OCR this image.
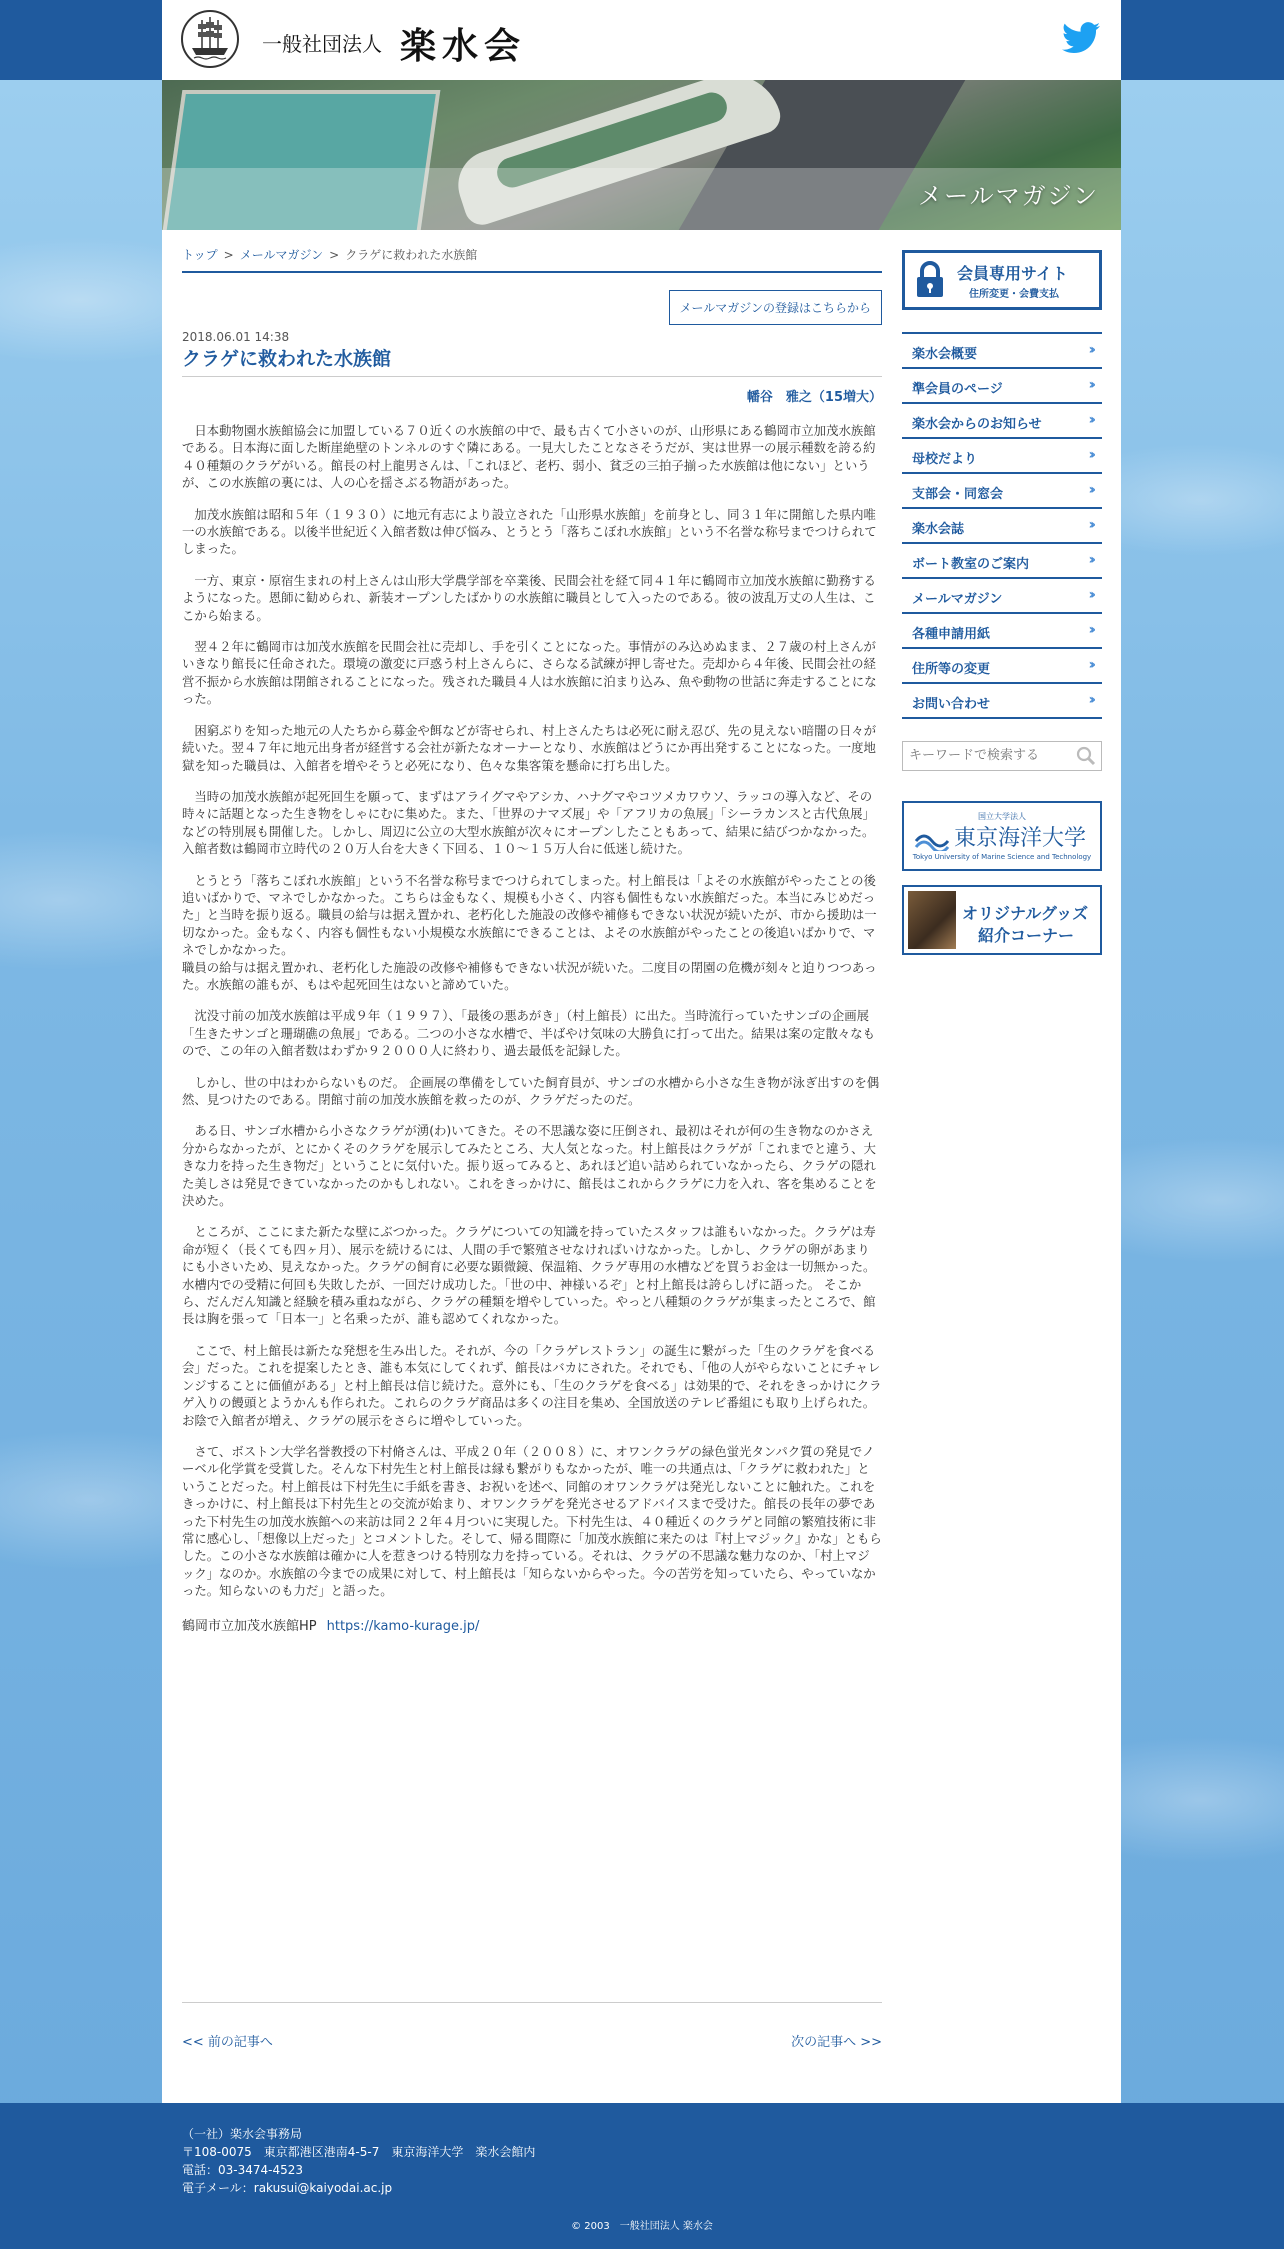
一般社団法人 楽水会
メールマガジン
トップ > メールマガジン > クラゲに救われた水族館
メールマガジンの登録はこちらから
2018.06.01 14:38
クラゲに救われた水族館
幡谷　雅之（15増大）

日本動物園水族館協会に加盟している７０近くの水族館の中で、最も古くて小さいのが、山形県にある鶴岡市立加茂水族館である。日本海に面した断崖絶壁のトンネルのすぐ隣にある。一見大したことなさそうだが、実は世界一の展示種数を誇る約４０種類のクラゲがいる。館長の村上龍男さんは、「これほど、老朽、弱小、貧乏の三拍子揃った水族館は他にない」というが、この水族館の裏には、人の心を揺さぶる物語があった。

加茂水族館は昭和５年（１９３０）に地元有志により設立された「山形県水族館」を前身とし、同３１年に開館した県内唯一の水族館である。以後半世紀近く入館者数は伸び悩み、とうとう「落ちこぼれ水族館」という不名誉な称号までつけられてしまった。

一方、東京・原宿生まれの村上さんは山形大学農学部を卒業後、民間会社を経て同４１年に鶴岡市立加茂水族館に勤務するようになった。恩師に勧められ、新装オープンしたばかりの水族館に職員として入ったのである。彼の波乱万丈の人生は、ここから始まる。

翌４２年に鶴岡市は加茂水族館を民間会社に売却し、手を引くことになった。事情がのみ込めぬまま、２７歳の村上さんがいきなり館長に任命された。環境の激変に戸惑う村上さんらに、さらなる試練が押し寄せた。売却から４年後、民間会社の経営不振から水族館は閉館されることになった。残された職員４人は水族館に泊まり込み、魚や動物の世話に奔走することになった。

困窮ぶりを知った地元の人たちから募金や餌などが寄せられ、村上さんたちは必死に耐え忍び、先の見えない暗闇の日々が続いた。翌４７年に地元出身者が経営する会社が新たなオーナーとなり、水族館はどうにか再出発することになった。一度地獄を知った職員は、入館者を増やそうと必死になり、色々な集客策を懸命に打ち出した。

当時の加茂水族館が起死回生を願って、まずはアライグマやアシカ、ハナグマやコツメカワウソ、ラッコの導入など、その時々に話題となった生き物をしゃにむに集めた。また、「世界のナマズ展」や「アフリカの魚展」「シーラカンスと古代魚展」などの特別展も開催した。しかし、周辺に公立の大型水族館が次々にオープンしたこともあって、結果に結びつかなかった。入館者数は鶴岡市立時代の２０万人台を大きく下回る、１０～１５万人台に低迷し続けた。

とうとう「落ちこぼれ水族館」という不名誉な称号までつけられてしまった。村上館長は「よその水族館がやったことの後追いばかりで、マネでしかなかった。こちらは金もなく、規模も小さく、内容も個性もない水族館だった。本当にみじめだった」と当時を振り返る。職員の給与は据え置かれ、老朽化した施設の改修や補修もできない状況が続いたが、市から援助は一切なかった。金もなく、内容も個性もない小規模な水族館にできることは、よその水族館がやったことの後追いばかりで、マネでしかなかった。
職員の給与は据え置かれ、老朽化した施設の改修や補修もできない状況が続いた。二度目の閉園の危機が刻々と迫りつつあった。水族館の誰もが、もはや起死回生はないと諦めていた。

沈没寸前の加茂水族館は平成９年（１９９７）、「最後の悪あがき」（村上館長）に出た。当時流行っていたサンゴの企画展「生きたサンゴと珊瑚礁の魚展」である。二つの小さな水槽で、半ばやけ気味の大勝負に打って出た。結果は案の定散々なもので、この年の入館者数はわずか９２０００人に終わり、過去最低を記録した。

しかし、世の中はわからないものだ。 企画展の準備をしていた飼育員が、サンゴの水槽から小さな生き物が泳ぎ出すのを偶然、見つけたのである。閉館寸前の加茂水族館を救ったのが、クラゲだったのだ。

ある日、サンゴ水槽から小さなクラゲが湧(わ)いてきた。その不思議な姿に圧倒され、最初はそれが何の生き物なのかさえ分からなかったが、とにかくそのクラゲを展示してみたところ、大人気となった。村上館長はクラゲが「これまでと違う、大きな力を持った生き物だ」ということに気付いた。振り返ってみると、あれほど追い詰められていなかったら、クラゲの隠れた美しさは発見できていなかったのかもしれない。これをきっかけに、館長はこれからクラゲに力を入れ、客を集めることを決めた。

ところが、ここにまた新たな壁にぶつかった。クラゲについての知識を持っていたスタッフは誰もいなかった。クラゲは寿命が短く（長くても四ヶ月）、展示を続けるには、人間の手で繁殖させなければいけなかった。しかし、クラゲの卵があまりにも小さいため、見えなかった。クラゲの飼育に必要な顕微鏡、保温箱、クラゲ専用の水槽などを買うお金は一切無かった。
水槽内での受精に何回も失敗したが、一回だけ成功した。「世の中、神様いるぞ」と村上館長は誇らしげに語った。 そこから、だんだん知識と経験を積み重ねながら、クラゲの種類を増やしていった。やっと八種類のクラゲが集まったところで、館長は胸を張って「日本一」と名乗ったが、誰も認めてくれなかった。

ここで、村上館長は新たな発想を生み出した。それが、今の「クラゲレストラン」の誕生に繋がった「生のクラゲを食べる会」だった。これを提案したとき、誰も本気にしてくれず、館長はバカにされた。それでも、「他の人がやらないことにチャレンジすることに価値がある」と村上館長は信じ続けた。意外にも、「生のクラゲを食べる」は効果的で、それをきっかけにクラゲ入りの饅頭とようかんも作られた。これらのクラゲ商品は多くの注目を集め、全国放送のテレビ番組にも取り上げられた。お陰で入館者が増え、クラゲの展示をさらに増やしていった。

さて、ボストン大学名誉教授の下村脩さんは、平成２０年（２００８）に、オワンクラゲの緑色蛍光タンパク質の発見でノーベル化学賞を受賞した。そんな下村先生と村上館長は縁も繋がりもなかったが、唯一の共通点は、「クラゲに救われた」ということだった。村上館長は下村先生に手紙を書き、お祝いを述べ、同館のオワンクラゲは発光しないことに触れた。これをきっかけに、村上館長は下村先生との交流が始まり、オワンクラゲを発光させるアドバイスまで受けた。館長の長年の夢であった下村先生の加茂水族館への来訪は同２２年４月ついに実現した。下村先生は、４０種近くのクラゲと同館の繁殖技術に非常に感心し、「想像以上だった」とコメントした。そして、帰る間際に「加茂水族館に来たのは『村上マジック』かな」ともらした。この小さな水族館は確かに人を惹きつける特別な力を持っている。それは、クラゲの不思議な魅力なのか、「村上マジック」なのか。水族館の今までの成果に対して、村上館長は「知らないからやった。今の苦労を知っていたら、やっていなかった。知らないのも力だ」と語った。

鶴岡市立加茂水族館HP https://kamo-kurage.jp/
<< 前の記事へ	次の記事へ >>
会員専用サイト
住所変更・会費支払
楽水会概要	››
準会員のページ	››
楽水会からのお知らせ	››
母校だより	››
支部会・同窓会	››
楽水会誌	››
ボート教室のご案内	››
メールマガジン	››
各種申請用紙	››
住所等の変更	››
お問い合わせ	››
キーワードで検索する
国立大学法人
東京海洋大学
Tokyo University of Marine Science and Technology
オリジナルグッズ
紹介コーナー
（一社）楽水会事務局
〒108-0075　東京都港区港南4-5-7　東京海洋大学　楽水会館内
電話：03-3474-4523
電子メール：rakusui@kaiyodai.ac.jp
© 2003　一般社団法人 楽水会
